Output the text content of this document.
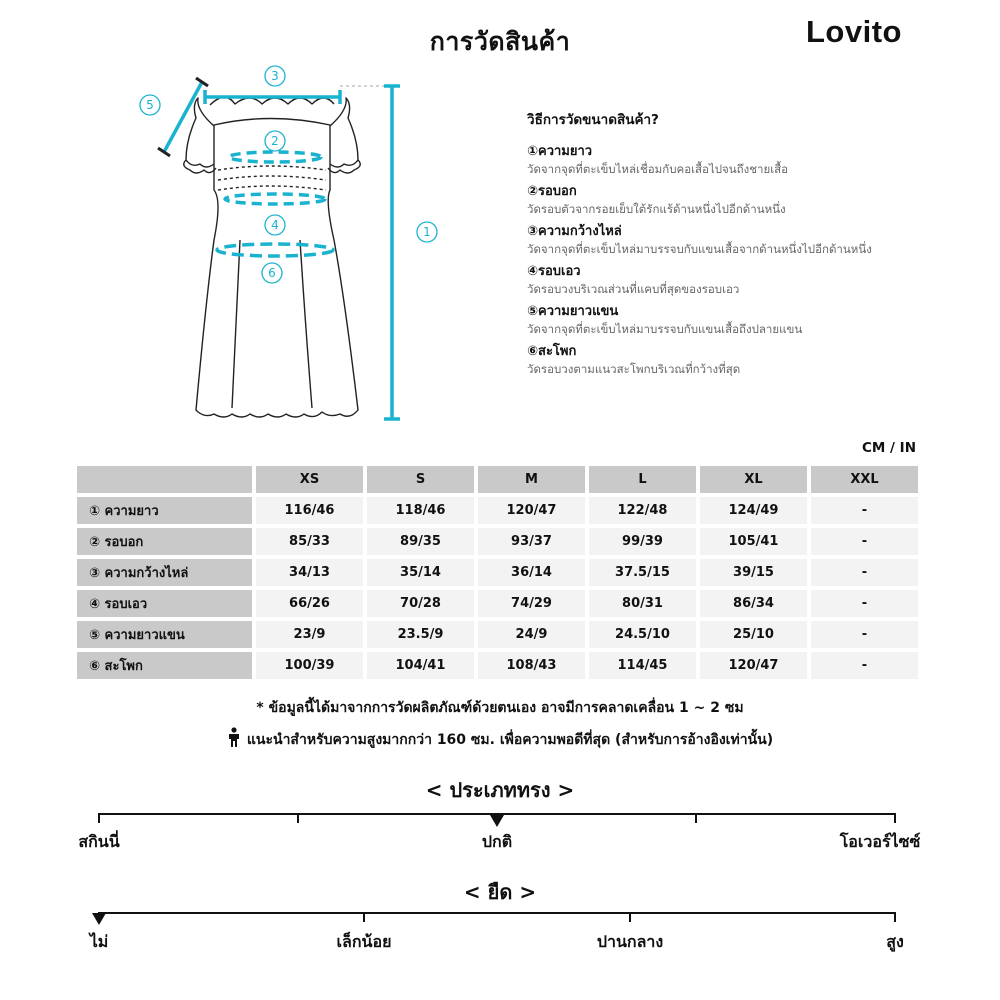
การวัดสินค้า	Lovito
1
2
3
4
5
6
วิธีการวัดขนาดสินค้า?
①ความยาว
วัดจากจุดที่ตะเข็บไหล่เชื่อมกับคอเสื้อไปจนถึงชายเสื้อ
②รอบอก
วัดรอบตัวจากรอยเย็บใต้รักแร้ด้านหนึ่งไปอีกด้านหนึ่ง
③ความกว้างไหล่
วัดจากจุดที่ตะเข็บไหล่มาบรรจบกับแขนเสื้อจากด้านหนึ่งไปอีกด้านหนึ่ง
④รอบเอว
วัดรอบวงบริเวณส่วนที่แคบที่สุดของรอบเอว
⑤ความยาวแขน
วัดจากจุดที่ตะเข็บไหล่มาบรรจบกับแขนเสื้อถึงปลายแขน
⑥สะโพก
วัดรอบวงตามแนวสะโพกบริเวณที่กว้างที่สุด
CM / IN
	XS	S	M	L	XL	XXL
① ความยาว	116/46	118/46	120/47	122/48	124/49	-
② รอบอก	85/33	89/35	93/37	99/39	105/41	-
③ ความกว้างไหล่	34/13	35/14	36/14	37.5/15	39/15	-
④ รอบเอว	66/26	70/28	74/29	80/31	86/34	-
⑤ ความยาวแขน	23/9	23.5/9	24/9	24.5/10	25/10	-
⑥ สะโพก	100/39	104/41	108/43	114/45	120/47	-
* ข้อมูลนี้ได้มาจากการวัดผลิตภัณฑ์ด้วยตนเอง อาจมีการคลาดเคลื่อน 1 ~ 2 ซม
แนะนำสำหรับความสูงมากกว่า 160 ซม. เพื่อความพอดีที่สุด (สำหรับการอ้างอิงเท่านั้น)
< ประเภททรง >
สกินนี่	ปกติ	โอเวอร์ไซซ์
< ยืด >
ไม่	เล็กน้อย	ปานกลาง	สูง
